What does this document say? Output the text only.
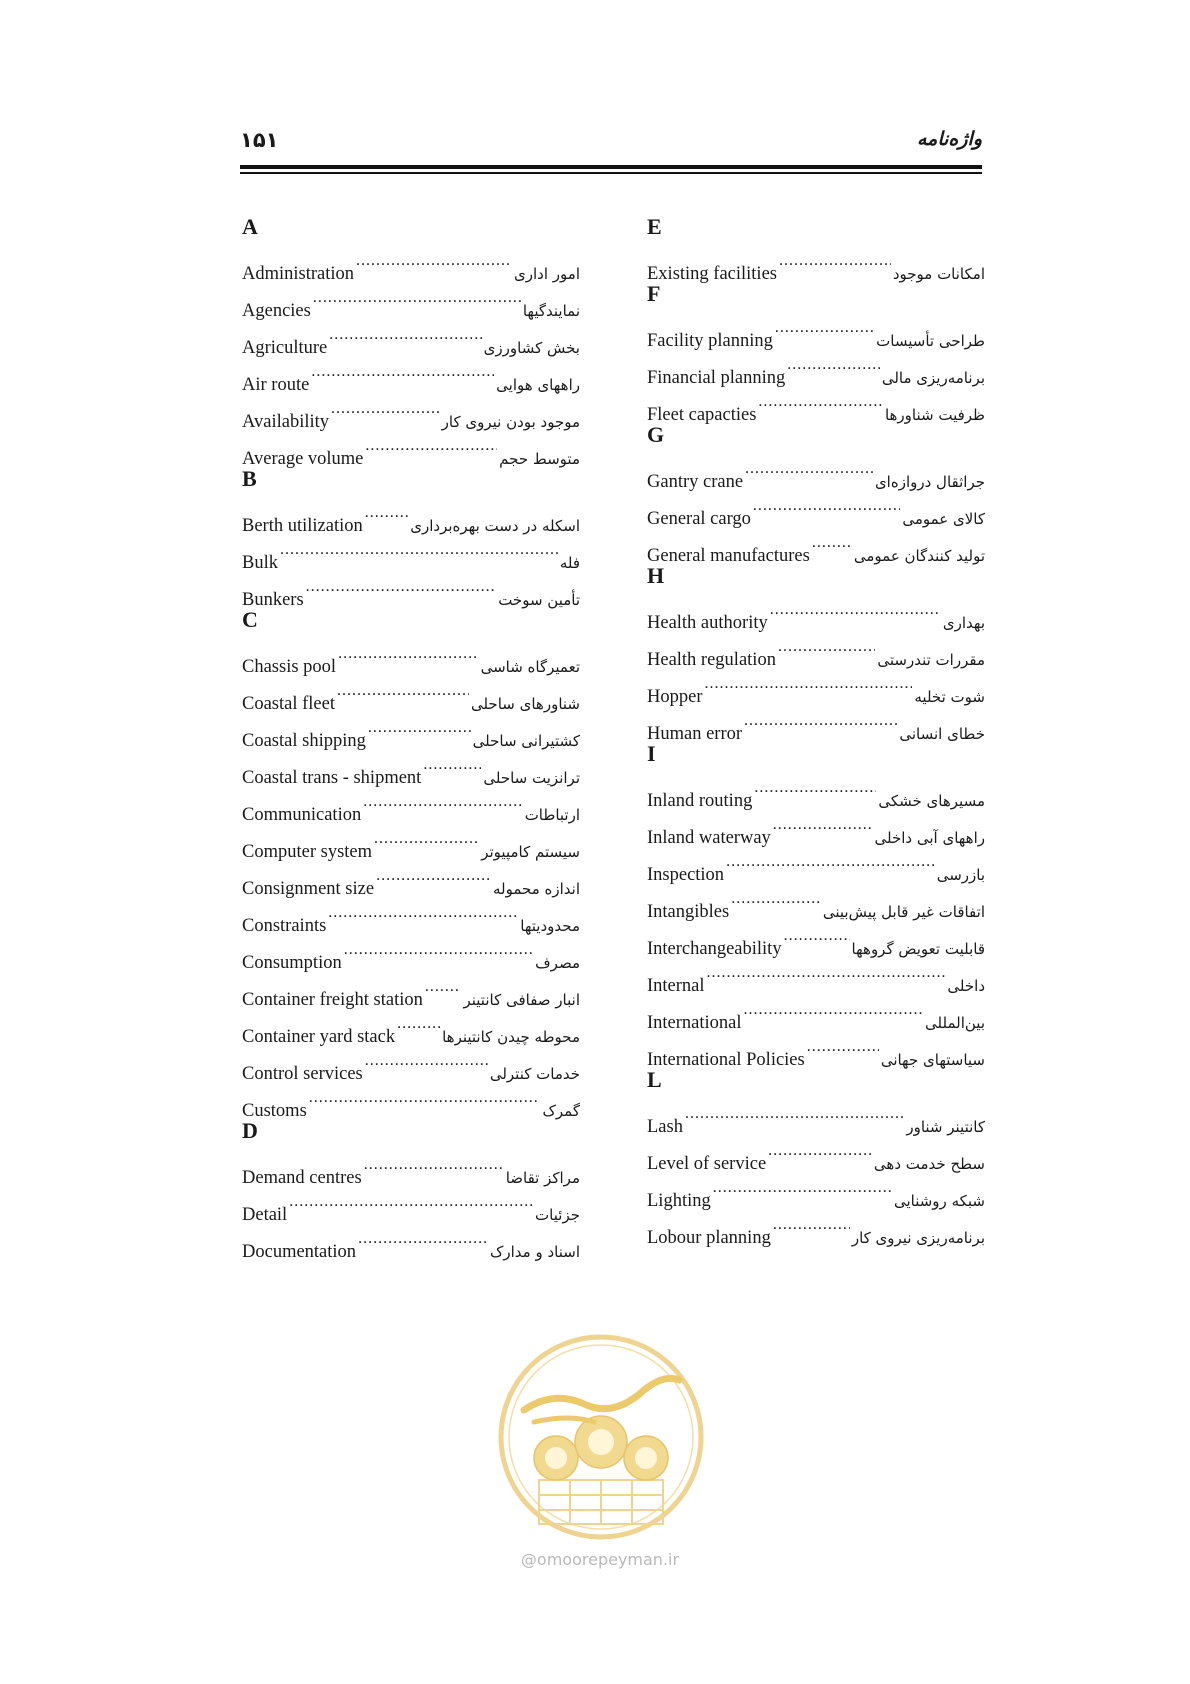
۱۵۱	واژه‌نامه
A
Administration .....	امور اداری
Agencies .....	نمایندگیها
Agriculture .....	بخش کشاورزی
Air route .....	راههای هوایی
Availability .....	موجود بودن نیروی کار
Average volume .....	متوسط حجم
B
Berth utilization .....	اسکله در دست بهره‌برداری
Bulk .....	فله
Bunkers .....	تأمین سوخت
C
Chassis pool .....	تعمیرگاه شاسی
Coastal fleet .....	شناورهای ساحلی
Coastal shipping .....	کشتیرانی ساحلی
Coastal trans - shipment .....	ترانزیت ساحلی
Communication .....	ارتباطات
Computer system .....	سیستم کامپیوتر
Consignment size .....	اندازه محموله
Constraints .....	محدودیتها
Consumption .....	مصرف
Container freight station .....	انبار صفافی کانتینر
Container yard stack .....	محوطه چیدن کانتینرها
Control services .....	خدمات کنترلی
Customs .....	گمرک
D
Demand centres .....	مراکز تقاضا
Detail .....	جزئیات
Documentation .....	اسناد و مدارک
E
Existing facilities .....	امکانات موجود
F
Facility planning .....	طراحی تأسیسات
Financial planning .....	برنامه‌ریزی مالی
Fleet capacties .....	ظرفیت شناورها
G
Gantry crane .....	جراثقال دروازه‌ای
General cargo .....	کالای عمومی
General manufactures .....	تولید کنندگان عمومی
H
Health authority .....	بهداری
Health regulation .....	مقررات تندرستی
Hopper .....	شوت تخلیه
Human error .....	خطای انسانی
I
Inland routing .....	مسیرهای خشکی
Inland waterway .....	راههای آبی داخلی
Inspection .....	بازرسی
Intangibles .....	اتفاقات غیر قابل پیش‌بینی
Interchangeability .....	قابلیت تعویض گروهها
Internal .....	داخلی
International .....	بین‌المللی
International Policies .....	سیاستهای جهانی
L
Lash .....	کانتینر شناور
Level of service .....	سطح خدمت دهی
Lighting .....	شبکه روشنایی
Lobour planning .....	برنامه‌ریزی نیروی کار
@omoorepeyman.ir
